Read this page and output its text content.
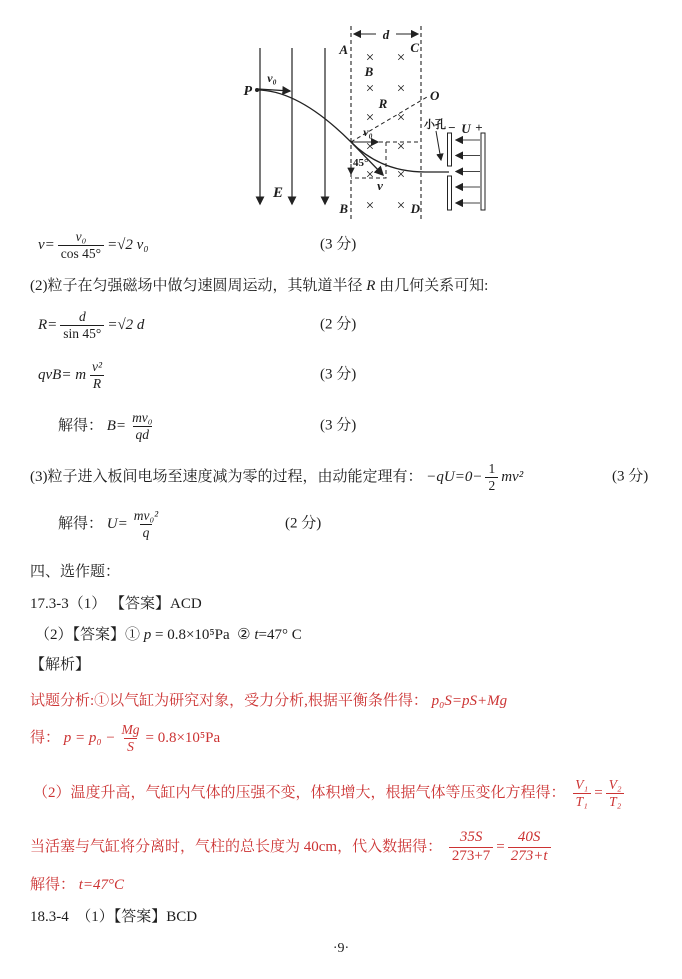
E
d
A	C
B	D
× ×
× ×
× ×
× ×
× ×
× ×
B
P
v₀
R
O
v₀
45°
v
小孔 − U +
$v= \frac{\text{v₀}}{\cos 45^\circ} =√2$ v₀	(3 分)
(2)粒子在匀强磁场中做匀速圆周运动，其轨道半径 R 由几何关系可知:
$R= \frac{d}{\sin 45^\circ} =√2$ d	(2 分)
qvB= m $\frac{\text{v²}}{R}$	(3 分)
解得： $B= \frac{\text{mv₀}}{qd}$	(3 分)
(3)粒子进入板间电场至速度减为零的过程，由动能定理有： $-qU=0- \frac{1}{2} mv^2$	(3 分)
解得： $U= \frac{\text{mv₀²}}{q}$	(2 分)
四、选作题：
17.3-3（1） 【答案】ACD
（2）【答案】① p = 0.8×10⁵Pa  ② t =47° C
【解析】
试题分析:①以气缸为研究对象，受力分析,根据平衡条件得： p₀S=pS+Mg
得： $p = p_0 - \frac{Mg}{S} = 0.8\times 10^5Pa$
（2）温度升高，气缸内气体的压强不变，体积增大，根据气体等压变化方程得： $\frac{\text{V₁}}{\text{T₁}} = \frac{\text{V₂}}{\text{T₂}}$
当活塞与气缸将分离时，气柱的总长度为 40cm，代入数据得： $\frac{35S}{273+7} = \frac{40S}{273+t}$
解得： t=47°C
18.3-4　（1）【答案】BCD
·9·
